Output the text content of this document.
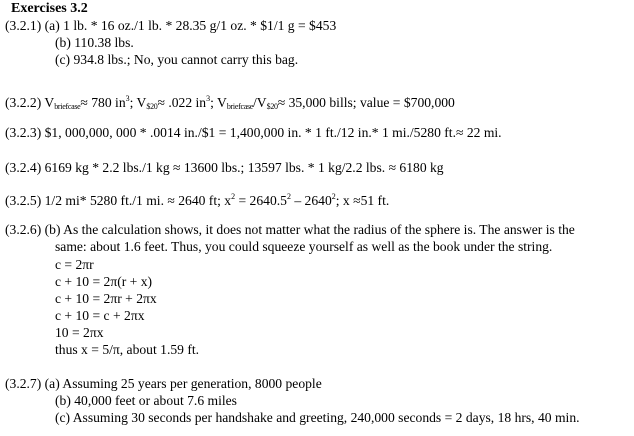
Exercises 3.2
(3.2.1) (a) 1 lb. * 16 oz./1 lb. * 28.35 g/1 oz. * $1/1 g = $453
(b) 110.38 lbs.
(c) 934.8 lbs.; No, you cannot carry this bag.
(3.2.2) $V_{briefcase}\approx 780$ $in^3$; $V_{\$20}\approx .022$ $in^3$; $V_{briefcase}/V_{\$20}\approx 35,000$ bills; value = $700,000
(3.2.3) $1, 000,000, 000 * .0014 in./$1 = 1,400,000 in. * 1 ft./12 in.* 1 mi./5280 ft.≈ 22 mi.
(3.2.4) 6169 kg * 2.2 lbs./1 kg ≈ 13600 lbs.; 13597 lbs. * 1 kg/2.2 lbs. ≈ 6180 kg
(3.2.5) 1/2 mi* 5280 ft./1 mi. ≈ 2640 ft; $x^2 = 2640.5^2 - 2640^2$; x ≈51 ft.
(3.2.6) (b) As the calculation shows, it does not matter what the radius of the sphere is. The answer is the
same: about 1.6 feet. Thus, you could squeeze yourself as well as the book under the string.
c = 2πr
c + 10 = 2π(r + x)
c + 10 = 2πr + 2πx
c + 10 = c + 2πx
10 = 2πx
thus x = 5/π, about 1.59 ft.
(3.2.7) (a) Assuming 25 years per generation, 8000 people
(b) 40,000 feet or about 7.6 miles
(c) Assuming 30 seconds per handshake and greeting, 240,000 seconds = 2 days, 18 hrs, 40 min.
